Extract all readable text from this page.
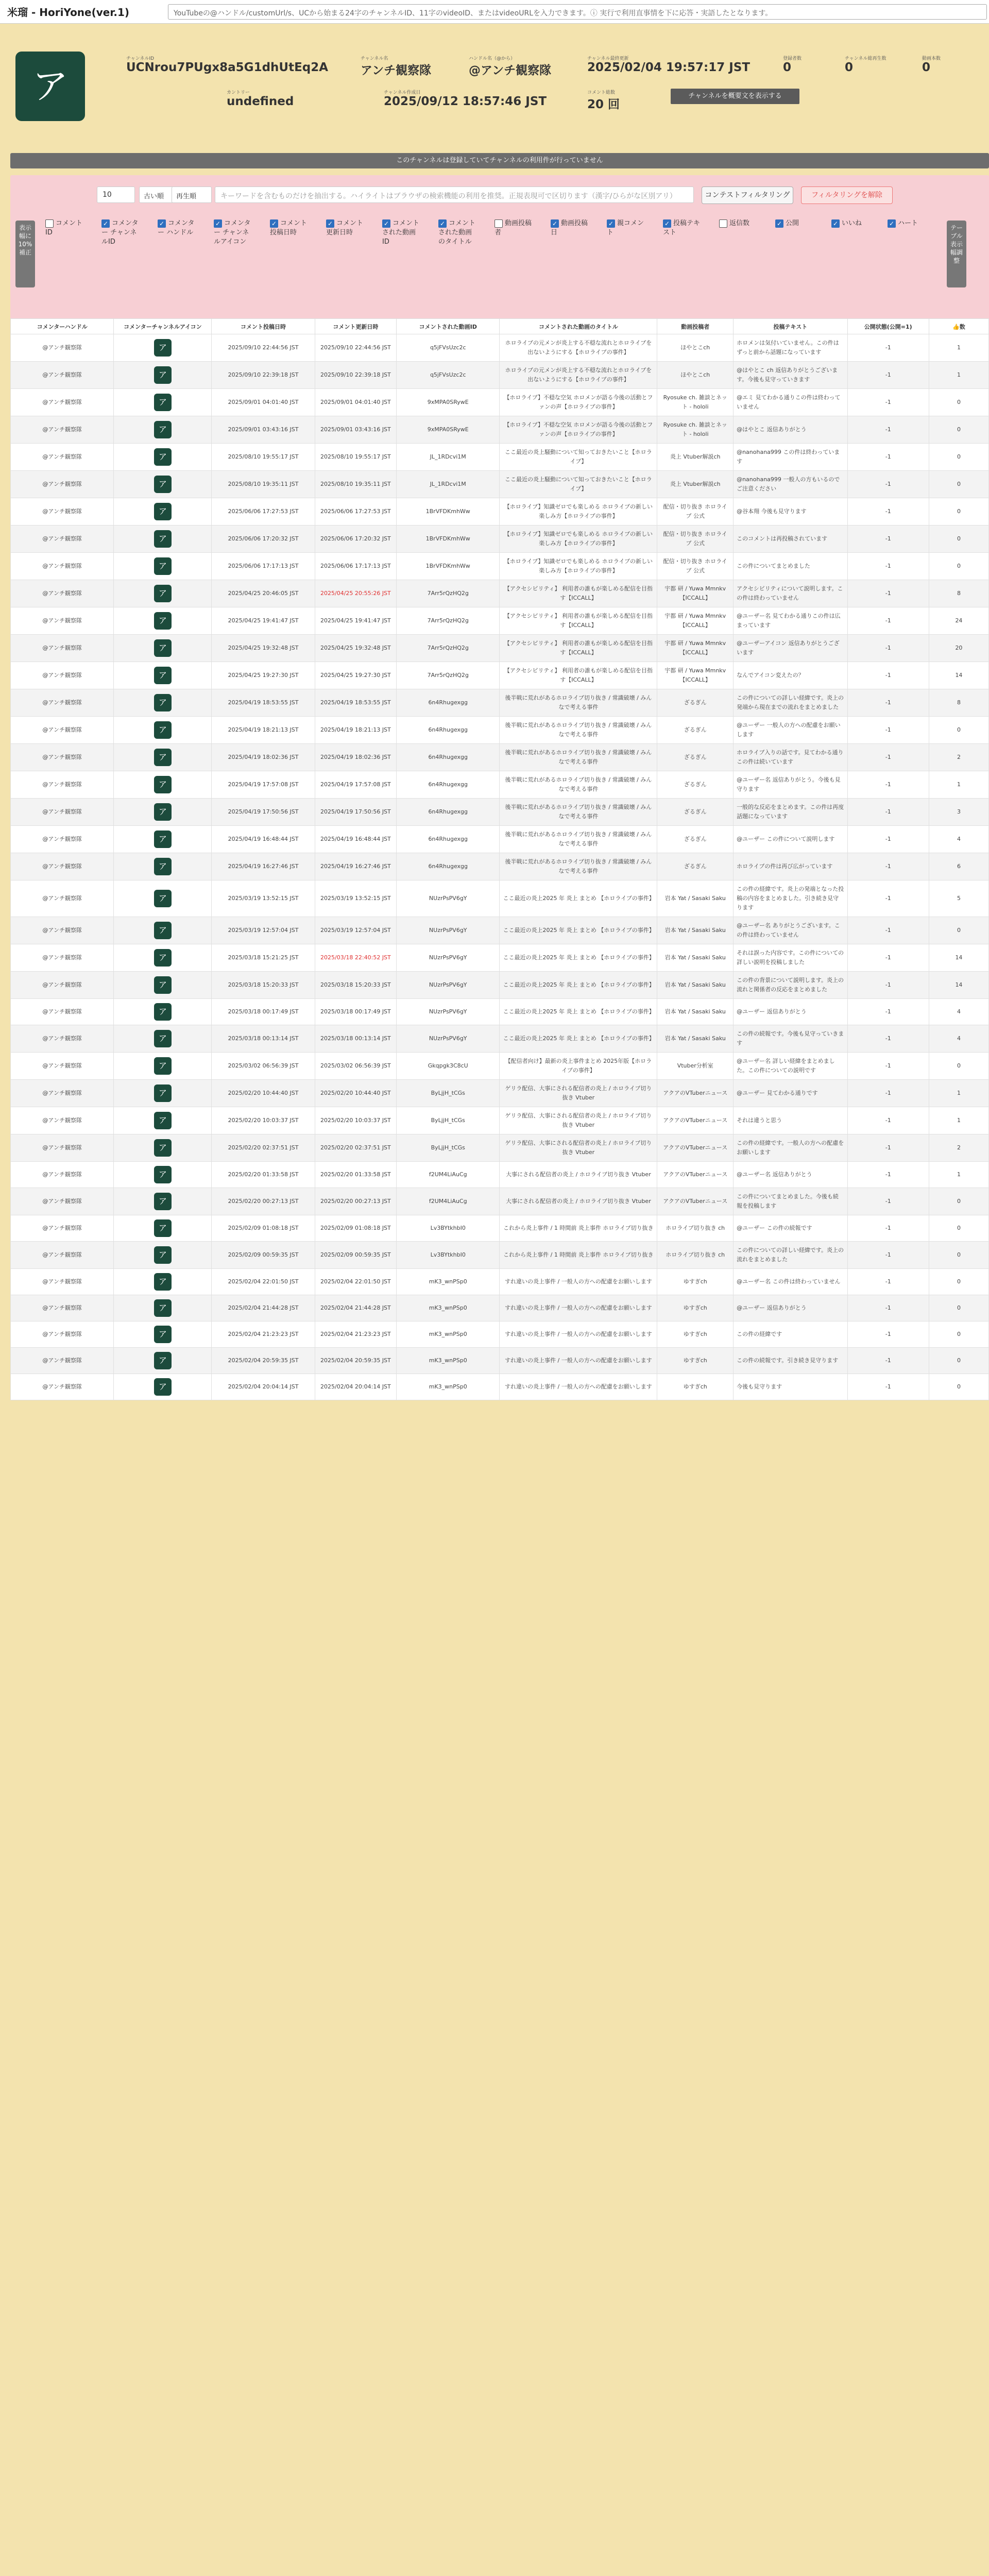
米瑠 - HoriYone(ver.1)	YouTubeの@ハンドル/customUrl/s、UCから始まる24字のチャンネルID、11字のvideoID、またはvideoURLを入力できます。ⓘ 実行で利用直事情を下に応答・実語したとなります。
ア
チャンネルID
UCNrou7PUgx8a5G1dhUtEq2A
チャンネル名
アンチ観察隊
ハンドル名（@から）
@アンチ観察隊
チャンネル最終更新
2025/02/04 19:57:17 JST
登録者数
0
チャンネル総再生数
0
動画本数
0
カントリー
undefined
チャンネル作成日
2025/09/12 18:57:46 JST
コメント総数
20 回
チャンネルを概要文を表示する
このチャンネルは登録していてチャンネルの利用件が行っていません
10	古い順	再生順	キーワードを含むものだけを抽出する。ハイライトはブラウザの検索機能の利用を推奨。正規表現可で区切ります（漢字/ひらがな区別アリ）	コンテストフィルタリング	フィルタリングを解除
表示幅に10%補正
テーブル表示幅調整
コメントID
✓ コメンター チャンネルID
✓ コメンター ハンドル
✓ コメンター チャンネルアイコン
✓ コメント投稿日時
✓ コメント 更新日時
✓ コメントされた動画ID
✓ コメントされた動画のタイトル
動画投稿者
✓ 動画投稿日
✓ 親コメント
✓ 投稿テキスト
返信数	✓ 公開	✓ いいね	✓ ハート
コメンターハンドル	コメンターチャンネルアイコン	コメント投稿日時	コメント更新日時	コメントされた動画ID	コメントされた動画のタイトル	動画投稿者	投稿テキスト	公開状態(公開=1)	👍数
@アンチ観察隊	ア	2025/09/10 22:44:56 JST	2025/09/10 22:44:56 JST	q5jFVsUzc2c	ホロライブの元メンが炎上する不穏な流れとホロライブを出ないようにする【ホロライブの事件】	ほやとこch	ホロメンは気付いていません。この件はずっと前から話題になっています	-1	1
@アンチ観察隊	ア	2025/09/10 22:39:18 JST	2025/09/10 22:39:18 JST	q5jFVsUzc2c	ホロライブの元メンが炎上する不穏な流れとホロライブを出ないようにする【ホロライブの事件】	ほやとこch	@はやとこ ch 返信ありがとうございます。今後も見守っていきます	-1	1
@アンチ観察隊	ア	2025/09/01 04:01:40 JST	2025/09/01 04:01:40 JST	9xMPA0SRywE	【ホロライブ】不穏な空気 ホロメンが語る今後の活動とファンの声【ホロライブの事件】	Ryosuke ch. 雑談とネット - hololi	@エミ 見てわかる通りこの件は終わっていません	-1	0
@アンチ観察隊	ア	2025/09/01 03:43:16 JST	2025/09/01 03:43:16 JST	9xMPA0SRywE	【ホロライブ】不穏な空気 ホロメンが語る今後の活動とファンの声【ホロライブの事件】	Ryosuke ch. 雑談とネット - hololi	@はやとこ 返信ありがとう	-1	0
@アンチ観察隊	ア	2025/08/10 19:55:17 JST	2025/08/10 19:55:17 JST	JL_1RDcvi1M	ここ最近の炎上騒動について知っておきたいこと【ホロライブ】	炎上 Vtuber解説ch	@nanohana999 この件は終わっています	-1	0
@アンチ観察隊	ア	2025/08/10 19:35:11 JST	2025/08/10 19:35:11 JST	JL_1RDcvi1M	ここ最近の炎上騒動について知っておきたいこと【ホロライブ】	炎上 Vtuber解説ch	@nanohana999 一般人の方もいるのでご注意ください	-1	0
@アンチ観察隊	ア	2025/06/06 17:27:53 JST	2025/06/06 17:27:53 JST	1BrVFDKmhWw	【ホロライブ】知識ゼロでも楽しめる ホロライブの新しい楽しみ方【ホロライブの事件】	配信・切り抜き ホロライブ 公式	@谷本翔 今後も見守ります	-1	0
@アンチ観察隊	ア	2025/06/06 17:20:32 JST	2025/06/06 17:20:32 JST	1BrVFDKmhWw	【ホロライブ】知識ゼロでも楽しめる ホロライブの新しい楽しみ方【ホロライブの事件】	配信・切り抜き ホロライブ 公式	このコメントは再投稿されています	-1	0
@アンチ観察隊	ア	2025/06/06 17:17:13 JST	2025/06/06 17:17:13 JST	1BrVFDKmhWw	【ホロライブ】知識ゼロでも楽しめる ホロライブの新しい楽しみ方【ホロライブの事件】	配信・切り抜き ホロライブ 公式	この件についてまとめました	-1	0
@アンチ観察隊	ア	2025/04/25 20:46:05 JST	2025/04/25 20:55:26 JST	7Arr5rQzHQ2g	【アクセシビリティ】 利用者の誰もが楽しめる配信を目指す【ICCALL】	宇都 研 / Yuwa Mmnkv【ICCALL】	アクセシビリティについて説明します。この件は終わっていません	-1	8
@アンチ観察隊	ア	2025/04/25 19:41:47 JST	2025/04/25 19:41:47 JST	7Arr5rQzHQ2g	【アクセシビリティ】 利用者の誰もが楽しめる配信を目指す【ICCALL】	宇都 研 / Yuwa Mmnkv【ICCALL】	@ユーザー名 見てわかる通りこの件は広まっています	-1	24
@アンチ観察隊	ア	2025/04/25 19:32:48 JST	2025/04/25 19:32:48 JST	7Arr5rQzHQ2g	【アクセシビリティ】 利用者の誰もが楽しめる配信を目指す【ICCALL】	宇都 研 / Yuwa Mmnkv【ICCALL】	@ユーザーアイコン 返信ありがとうございます	-1	20
@アンチ観察隊	ア	2025/04/25 19:27:30 JST	2025/04/25 19:27:30 JST	7Arr5rQzHQ2g	【アクセシビリティ】 利用者の誰もが楽しめる配信を目指す【ICCALL】	宇都 研 / Yuwa Mmnkv【ICCALL】	なんでアイコン変えたの？	-1	14
@アンチ観察隊	ア	2025/04/19 18:53:55 JST	2025/04/19 18:53:55 JST	6n4Rhugexgg	後半戦に荒れがあるホロライブ切り抜き / 常識破壊 / みんなで考える事件	ざるぎん	この件についての詳しい経緯です。炎上の発端から現在までの流れをまとめました	-1	8
@アンチ観察隊	ア	2025/04/19 18:21:13 JST	2025/04/19 18:21:13 JST	6n4Rhugexgg	後半戦に荒れがあるホロライブ切り抜き / 常識破壊 / みんなで考える事件	ざるぎん	@ユーザー 一般人の方への配慮をお願いします	-1	0
@アンチ観察隊	ア	2025/04/19 18:02:36 JST	2025/04/19 18:02:36 JST	6n4Rhugexgg	後半戦に荒れがあるホロライブ切り抜き / 常識破壊 / みんなで考える事件	ざるぎん	ホロライブ入りの話です。見てわかる通りこの件は続いています	-1	2
@アンチ観察隊	ア	2025/04/19 17:57:08 JST	2025/04/19 17:57:08 JST	6n4Rhugexgg	後半戦に荒れがあるホロライブ切り抜き / 常識破壊 / みんなで考える事件	ざるぎん	@ユーザー名 返信ありがとう。今後も見守ります	-1	1
@アンチ観察隊	ア	2025/04/19 17:50:56 JST	2025/04/19 17:50:56 JST	6n4Rhugexgg	後半戦に荒れがあるホロライブ切り抜き / 常識破壊 / みんなで考える事件	ざるぎん	一般的な反応をまとめます。この件は再度話題になっています	-1	3
@アンチ観察隊	ア	2025/04/19 16:48:44 JST	2025/04/19 16:48:44 JST	6n4Rhugexgg	後半戦に荒れがあるホロライブ切り抜き / 常識破壊 / みんなで考える事件	ざるぎん	@ユーザー この件について説明します	-1	4
@アンチ観察隊	ア	2025/04/19 16:27:46 JST	2025/04/19 16:27:46 JST	6n4Rhugexgg	後半戦に荒れがあるホロライブ切り抜き / 常識破壊 / みんなで考える事件	ざるぎん	ホロライブの件は再び広がっています	-1	6
@アンチ観察隊	ア	2025/03/19 13:52:15 JST	2025/03/19 13:52:15 JST	NUzrPsPV6gY	ここ最近の炎上2025 年 炎上 まとめ 【ホロライブの事件】	岩本 Yat / Sasaki Saku	この件の経緯です。炎上の発端となった投稿の内容をまとめました。引き続き見守ります	-1	5
@アンチ観察隊	ア	2025/03/19 12:57:04 JST	2025/03/19 12:57:04 JST	NUzrPsPV6gY	ここ最近の炎上2025 年 炎上 まとめ 【ホロライブの事件】	岩本 Yat / Sasaki Saku	@ユーザー名 ありがとうございます。この件は終わっていません	-1	0
@アンチ観察隊	ア	2025/03/18 15:21:25 JST	2025/03/18 22:40:52 JST	NUzrPsPV6gY	ここ最近の炎上2025 年 炎上 まとめ 【ホロライブの事件】	岩本 Yat / Sasaki Saku	それは誤った内容です。この件についての詳しい説明を投稿しました	-1	14
@アンチ観察隊	ア	2025/03/18 15:20:33 JST	2025/03/18 15:20:33 JST	NUzrPsPV6gY	ここ最近の炎上2025 年 炎上 まとめ 【ホロライブの事件】	岩本 Yat / Sasaki Saku	この件の背景について説明します。炎上の流れと関係者の反応をまとめました	-1	14
@アンチ観察隊	ア	2025/03/18 00:17:49 JST	2025/03/18 00:17:49 JST	NUzrPsPV6gY	ここ最近の炎上2025 年 炎上 まとめ 【ホロライブの事件】	岩本 Yat / Sasaki Saku	@ユーザー 返信ありがとう	-1	4
@アンチ観察隊	ア	2025/03/18 00:13:14 JST	2025/03/18 00:13:14 JST	NUzrPsPV6gY	ここ最近の炎上2025 年 炎上 まとめ 【ホロライブの事件】	岩本 Yat / Sasaki Saku	この件の続報です。今後も見守っていきます	-1	4
@アンチ観察隊	ア	2025/03/02 06:56:39 JST	2025/03/02 06:56:39 JST	Gkqpgk3C8cU	【配信者向け】最新の炎上事件まとめ 2025年版【ホロライブの事件】	Vtuber分析室	@ユーザー名 詳しい経緯をまとめました。この件についての説明です	-1	0
@アンチ観察隊	ア	2025/02/20 10:44:40 JST	2025/02/20 10:44:40 JST	ByLjjH_tCGs	ゲリラ配信、大事にされる配信者の炎上 / ホロライブ切り抜き Vtuber	アクアのVTuberニュース	@ユーザー 見てわかる通りです	-1	1
@アンチ観察隊	ア	2025/02/20 10:03:37 JST	2025/02/20 10:03:37 JST	ByLjjH_tCGs	ゲリラ配信、大事にされる配信者の炎上 / ホロライブ切り抜き Vtuber	アクアのVTuberニュース	それは違うと思う	-1	1
@アンチ観察隊	ア	2025/02/20 02:37:51 JST	2025/02/20 02:37:51 JST	ByLjjH_tCGs	ゲリラ配信、大事にされる配信者の炎上 / ホロライブ切り抜き Vtuber	アクアのVTuberニュース	この件の経緯です。一般人の方への配慮をお願いします	-1	2
@アンチ観察隊	ア	2025/02/20 01:33:58 JST	2025/02/20 01:33:58 JST	f2UM4LiAuCg	大事にされる配信者の炎上 / ホロライブ切り抜き Vtuber	アクアのVTuberニュース	@ユーザー名 返信ありがとう	-1	1
@アンチ観察隊	ア	2025/02/20 00:27:13 JST	2025/02/20 00:27:13 JST	f2UM4LiAuCg	大事にされる配信者の炎上 / ホロライブ切り抜き Vtuber	アクアのVTuberニュース	この件についてまとめました。今後も続報を投稿します	-1	0
@アンチ観察隊	ア	2025/02/09 01:08:18 JST	2025/02/09 01:08:18 JST	Lv3BYtkhbI0	これから炎上事件 / 1 時間前 炎上事件 ホロライブ切り抜き	ホロライブ切り抜き ch	@ユーザー この件の続報です	-1	0
@アンチ観察隊	ア	2025/02/09 00:59:35 JST	2025/02/09 00:59:35 JST	Lv3BYtkhbI0	これから炎上事件 / 1 時間前 炎上事件 ホロライブ切り抜き	ホロライブ切り抜き ch	この件についての詳しい経緯です。炎上の流れをまとめました	-1	0
@アンチ観察隊	ア	2025/02/04 22:01:50 JST	2025/02/04 22:01:50 JST	mK3_wnPSp0	すれ違いの炎上事件 / 一般人の方への配慮をお願いします	ゆすぎch	@ユーザー名 この件は終わっていません	-1	0
@アンチ観察隊	ア	2025/02/04 21:44:28 JST	2025/02/04 21:44:28 JST	mK3_wnPSp0	すれ違いの炎上事件 / 一般人の方への配慮をお願いします	ゆすぎch	@ユーザー 返信ありがとう	-1	0
@アンチ観察隊	ア	2025/02/04 21:23:23 JST	2025/02/04 21:23:23 JST	mK3_wnPSp0	すれ違いの炎上事件 / 一般人の方への配慮をお願いします	ゆすぎch	この件の経緯です	-1	0
@アンチ観察隊	ア	2025/02/04 20:59:35 JST	2025/02/04 20:59:35 JST	mK3_wnPSp0	すれ違いの炎上事件 / 一般人の方への配慮をお願いします	ゆすぎch	この件の続報です。引き続き見守ります	-1	0
@アンチ観察隊	ア	2025/02/04 20:04:14 JST	2025/02/04 20:04:14 JST	mK3_wnPSp0	すれ違いの炎上事件 / 一般人の方への配慮をお願いします	ゆすぎch	今後も見守ります	-1	0
